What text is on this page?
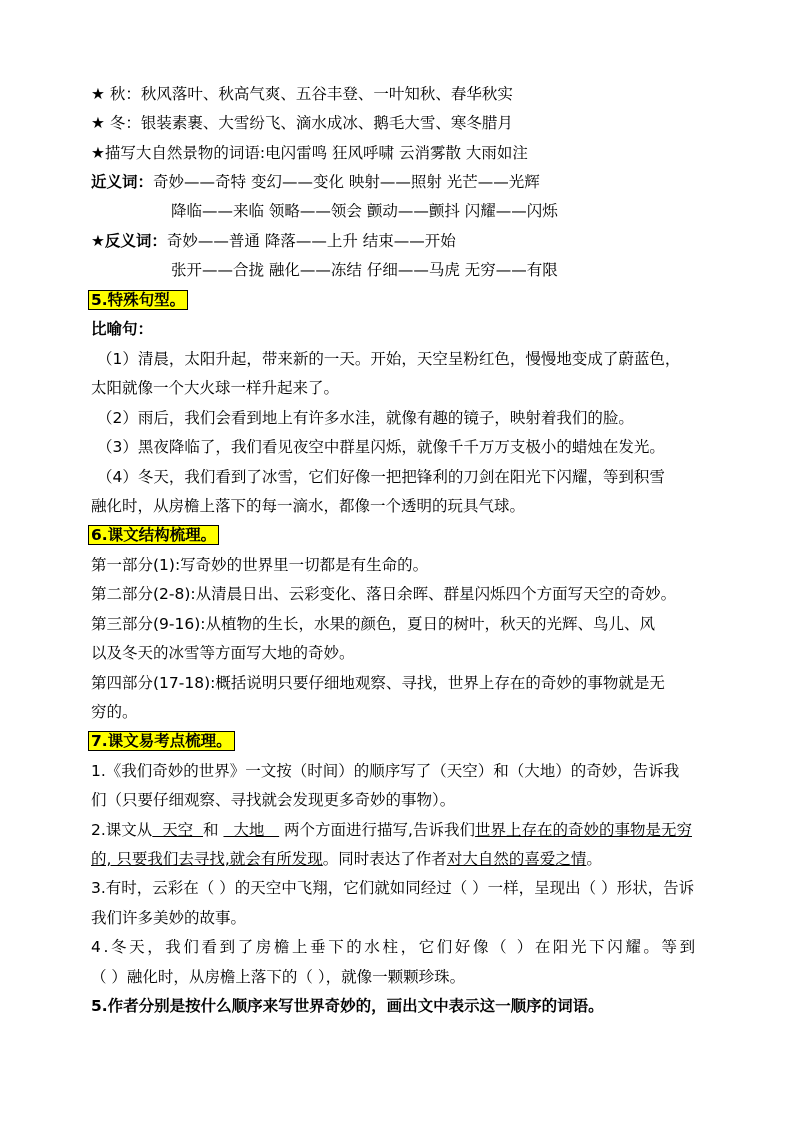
★ 秋：秋风落叶、秋高气爽、五谷丰登、一叶知秋、春华秋实
★ 冬：银装素裹、大雪纷飞、滴水成冰、鹅毛大雪、寒冬腊月
★描写大自然景物的词语:电闪雷鸣 狂风呼啸 云消雾散 大雨如注
近义词：奇妙——奇特 变幻——变化 映射——照射 光芒——光辉
降临——来临 领略——领会 颤动——颤抖 闪耀——闪烁
★反义词：奇妙——普通 降落——上升 结束——开始
张开——合拢 融化——冻结 仔细——马虎 无穷——有限
5.特殊句型。
比喻句：
（1）清晨，太阳升起，带来新的一天。开始，天空呈粉红色，慢慢地变成了蔚蓝色，
太阳就像一个大火球一样升起来了。
（2）雨后，我们会看到地上有许多水洼，就像有趣的镜子，映射着我们的脸。
（3）黑夜降临了，我们看见夜空中群星闪烁，就像千千万万支极小的蜡烛在发光。
（4）冬天，我们看到了冰雪，它们好像一把把锋利的刀剑在阳光下闪耀，等到积雪
融化时，从房檐上落下的每一滴水，都像一个透明的玩具气球。
6.课文结构梳理。
第一部分(1):写奇妙的世界里一切都是有生命的。
第二部分(2-8):从清晨日出、云彩变化、落日余晖、群星闪烁四个方面写天空的奇妙。
第三部分(9-16):从植物的生长，水果的颜色，夏日的树叶，秋天的光辉、鸟儿、风
以及冬天的冰雪等方面写大地的奇妙。
第四部分(17-18):概括说明只要仔细地观察、寻找，世界上存在的奇妙的事物就是无
穷的。
7.课文易考点梳理。
1.《我们奇妙的世界》一文按（时间）的顺序写了（天空）和（大地）的奇妙，告诉我
们（只要仔细观察、寻找就会发现更多奇妙的事物）。
2.课文从  天空  和   大地    两个方面进行描写,告诉我们世界上存在的奇妙的事物是无穷
的, 只要我们去寻找,就会有所发现。同时表达了作者对大自然的喜爱之情。
3.有时，云彩在（ ）的天空中飞翔，它们就如同经过（ ）一样，呈现出（ ）形状，告诉
我们许多美妙的故事。
4.冬天，我们看到了房檐上垂下的水柱，它们好像（ ）在阳光下闪耀。等到
（ ）融化时，从房檐上落下的（ ），就像一颗颗珍珠。
5.作者分别是按什么顺序来写世界奇妙的，画出文中表示这一顺序的词语。
